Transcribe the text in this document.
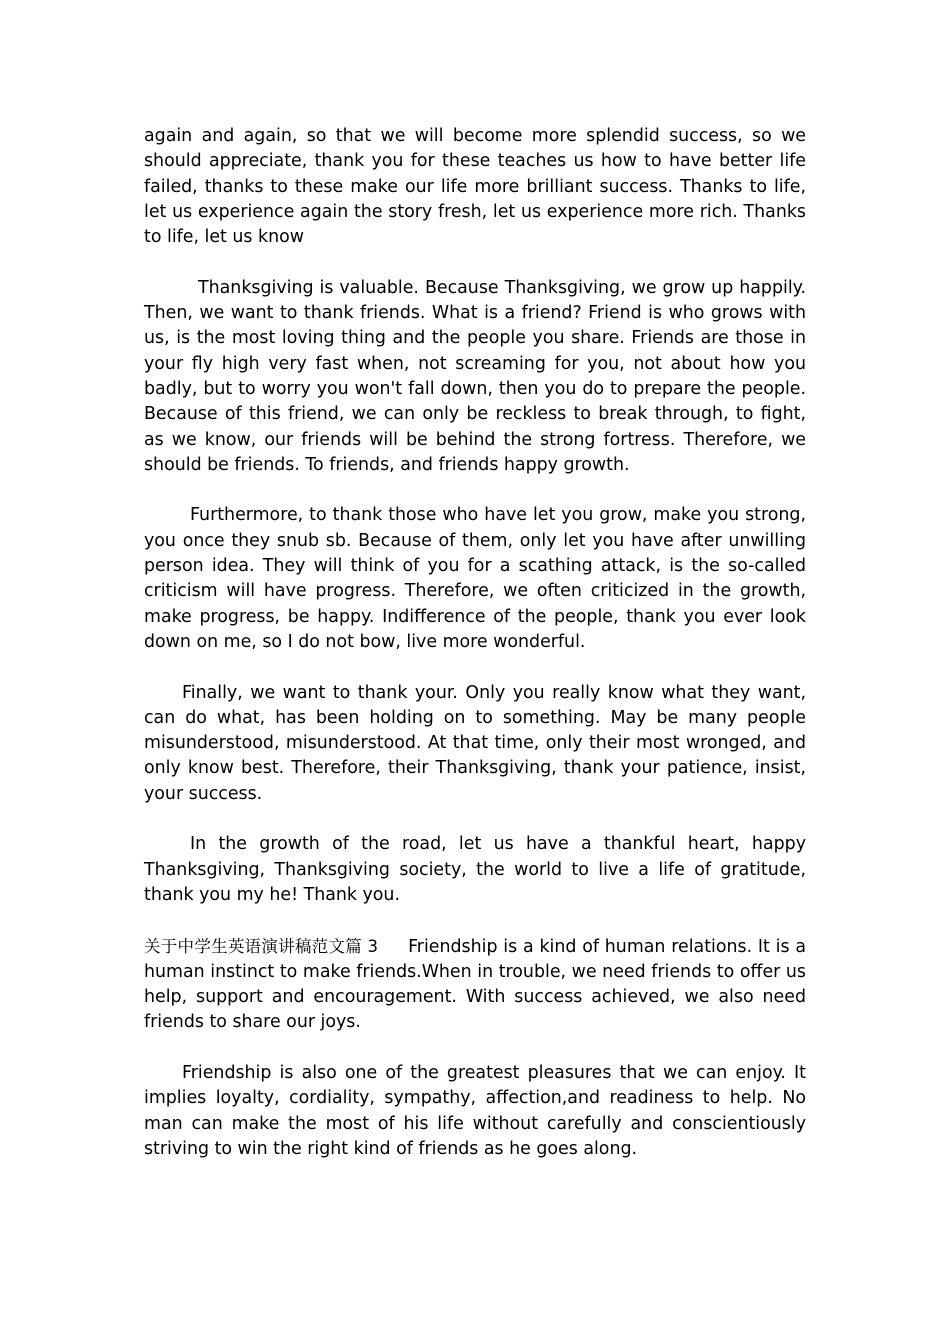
again and again, so that we will become more splendid success, so we should appreciate, thank you for these teaches us how to have better life failed, thanks to these make our life more brilliant success. Thanks to life, let us experience again the story fresh, let us experience more rich. Thanks to life, let us know

Thanksgiving is valuable. Because Thanksgiving, we grow up happily. Then, we want to thank friends. What is a friend? Friend is who grows with us, is the most loving thing and the people you share. Friends are those in your fly high very fast when, not screaming for you, not about how you badly, but to worry you won't fall down, then you do to prepare the people. Because of this friend, we can only be reckless to break through, to fight, as we know, our friends will be behind the strong fortress. Therefore, we should be friends. To friends, and friends happy growth.

Furthermore, to thank those who have let you grow, make you strong, you once they snub sb. Because of them, only let you have after unwilling person idea. They will think of you for a scathing attack, is the so-called criticism will have progress. Therefore, we often criticized in the growth, make progress, be happy. Indifference of the people, thank you ever look down on me, so I do not bow, live more wonderful.

Finally, we want to thank your. Only you really know what they want, can do what, has been holding on to something. May be many people misunderstood, misunderstood. At that time, only their most wronged, and only know best. Therefore, their Thanksgiving, thank your patience, insist, your success.

In the growth of the road, let us have a thankful heart, happy Thanksgiving, Thanksgiving society, the world to live a life of gratitude, thank you my he! Thank you.

关于中学生英语演讲稿范文篇 3 Friendship is a kind of human relations. It is a human instinct to make friends.When in trouble, we need friends to offer us help, support and encouragement. With success achieved, we also need friends to share our joys.

Friendship is also one of the greatest pleasures that we can enjoy. It implies loyalty, cordiality, sympathy, affection,and readiness to help. No man can make the most of his life without carefully and conscientiously striving to win the right kind of friends as he goes along.
